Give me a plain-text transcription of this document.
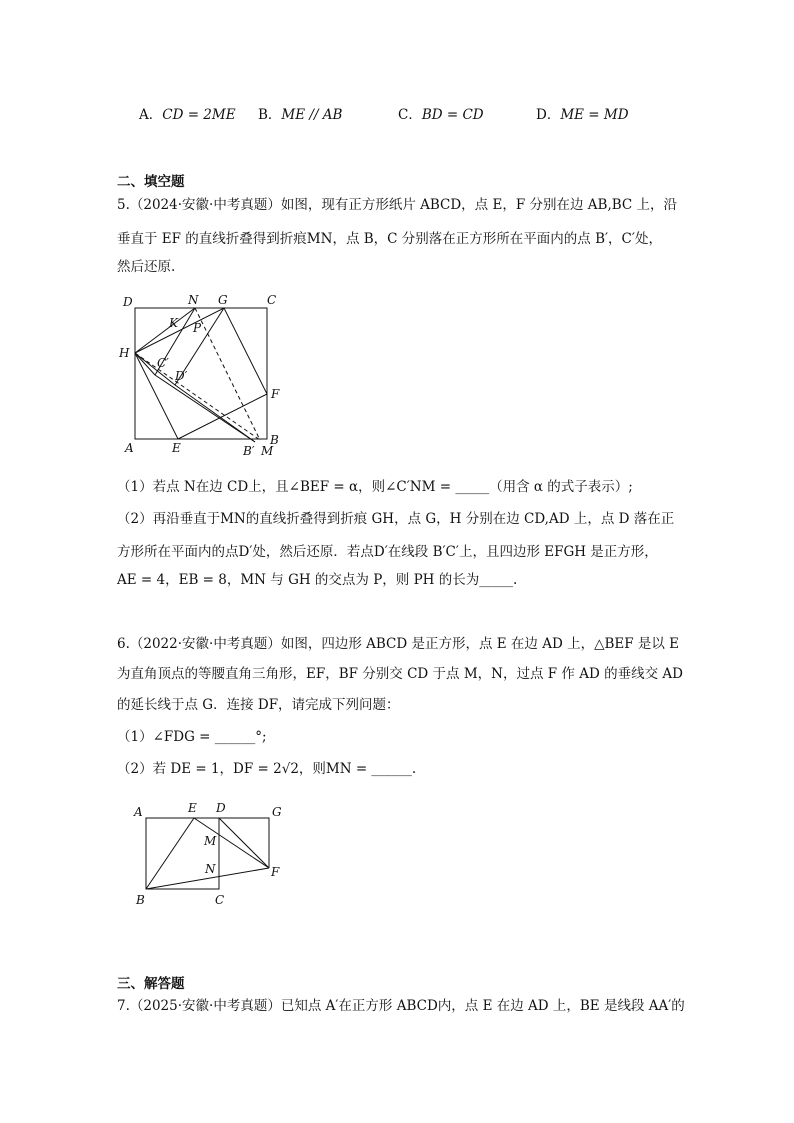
A．CD = 2ME B．ME // AB	C．BD = CD	D．ME = MD
二、填空题
5.（2024·安徽·中考真题）如图，现有正方形纸片 ABCD，点 E，F 分别在边 AB,BC 上，沿
垂直于 EF 的直线折叠得到折痕MN，点 B，C 分别落在正方形所在平面内的点 B′，C′处，
然后还原.
D	N G	C
K P
H
C′
D′
F
A	E	B′ M
B
（1）若点 N在边 CD上，且∠BEF = α，则∠C′NM = _____（用含 α 的式子表示）;
（2）再沿垂直于MN的直线折叠得到折痕 GH，点 G，H 分别在边 CD,AD 上，点 D 落在正
方形所在平面内的点D′处，然后还原．若点D′在线段 B′C′上，且四边形 EFGH 是正方形，
AE = 4，EB = 8，MN 与 GH 的交点为 P，则 PH 的长为_____.
6.（2022·安徽·中考真题）如图，四边形 ABCD 是正方形，点 E 在边 AD 上，△BEF 是以 E
为直角顶点的等腰直角三角形，EF，BF 分别交 CD 于点 M，N，过点 F 作 AD 的垂线交 AD
的延长线于点 G．连接 DF，请完成下列问题：
（1）∠FDG = ______°;
（2）若 DE = 1，DF = 2√2，则MN = ______.
A	E D	G
M
N	F
B	C
三、解答题
7.（2025·安徽·中考真题）已知点 A′在正方形 ABCD内，点 E 在边 AD 上，BE 是线段 AA′的
